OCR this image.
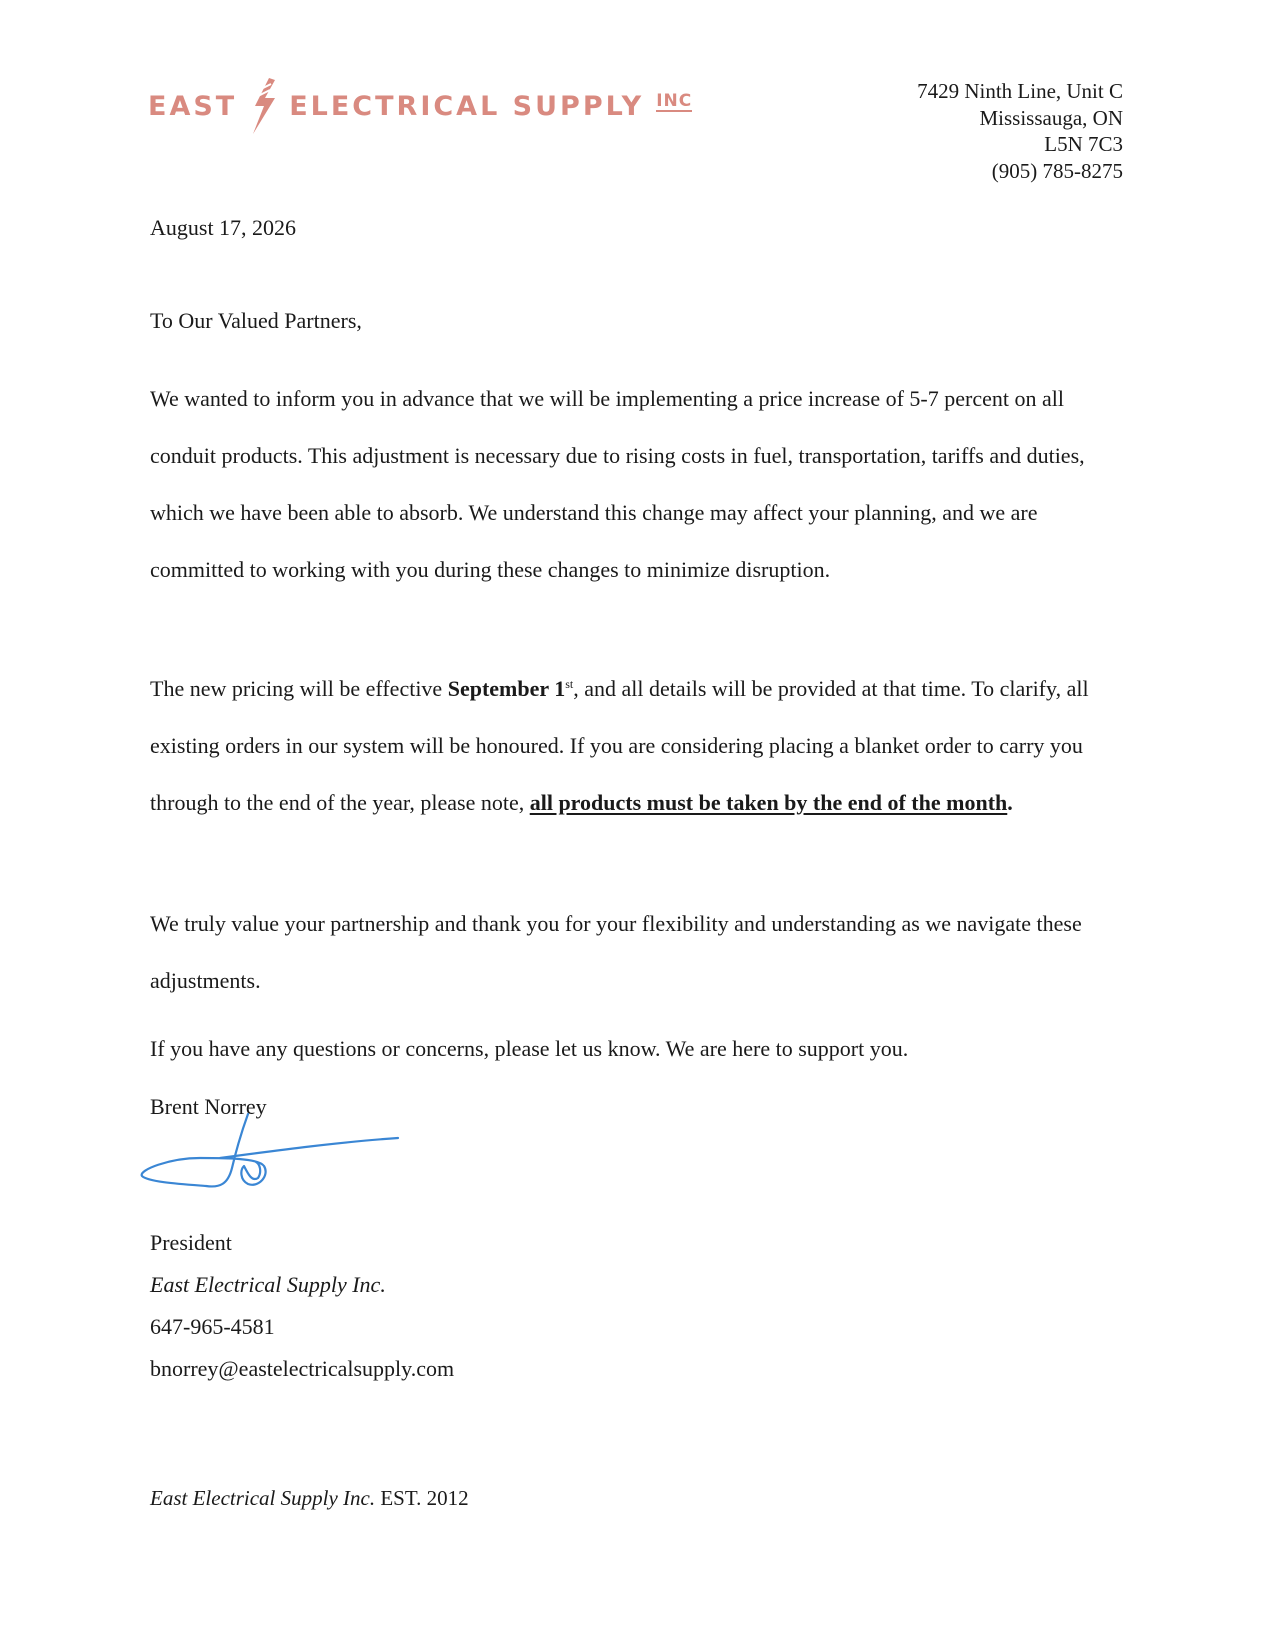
EAST ELECTRICAL SUPPLY INC	7429 Ninth Line, Unit C
Mississauga, ON
L5N 7C3
(905) 785-8275
August 17, 2026
To Our Valued Partners,

We wanted to inform you in advance that we will be implementing a price increase of 5-7 percent on all conduit products. This adjustment is necessary due to rising costs in fuel, transportation, tariffs and duties, which we have been able to absorb. We understand this change may affect your planning, and we are committed to working with you during these changes to minimize disruption.

The new pricing will be effective September 1st, and all details will be provided at that time. To clarify, all existing orders in our system will be honoured. If you are considering placing a blanket order to carry you through to the end of the year, please note, all products must be taken by the end of the month.

We truly value your partnership and thank you for your flexibility and understanding as we navigate these adjustments.

If you have any questions or concerns, please let us know. We are here to support you.

Brent Norrey
President
East Electrical Supply Inc.
647-965-4581
bnorrey@eastelectricalsupply.com
East Electrical Supply Inc. EST. 2012
